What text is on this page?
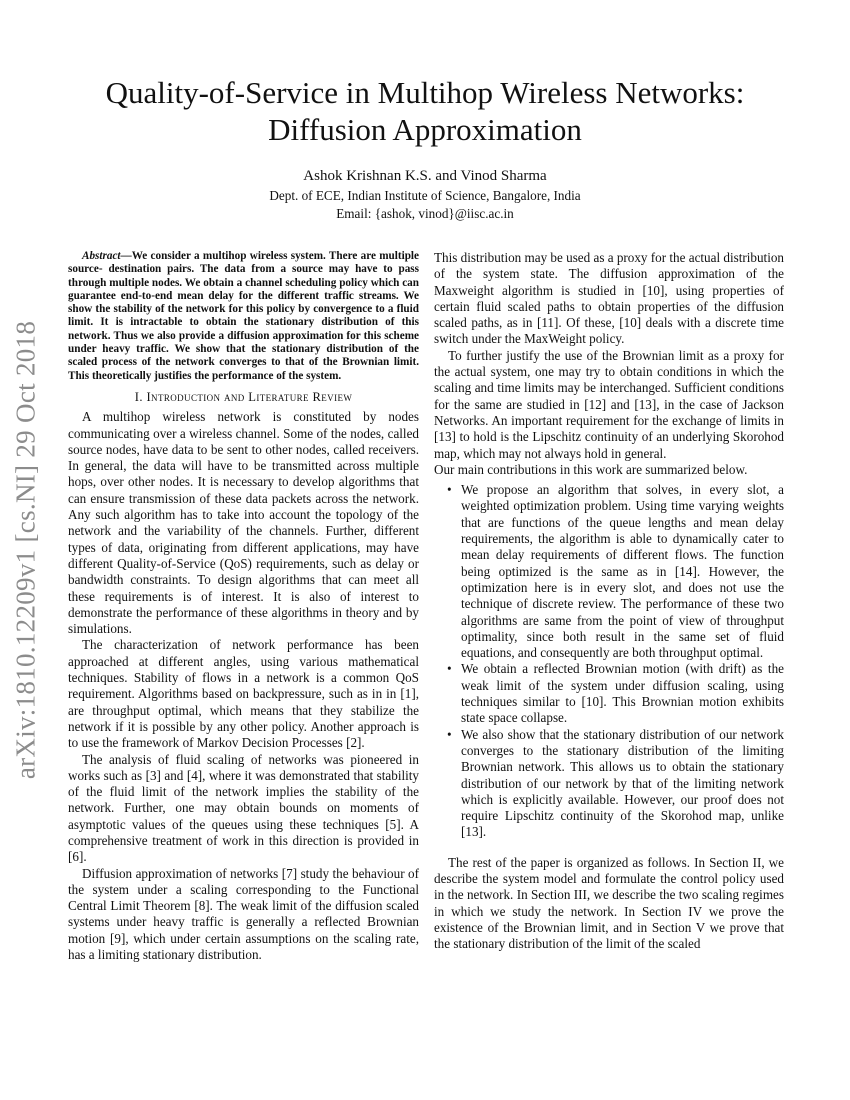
arXiv:1810.12209v1 [cs.NI] 29 Oct 2018
Quality-of-Service in Multihop Wireless Networks:
Diffusion Approximation
Ashok Krishnan K.S. and Vinod Sharma
Dept. of ECE, Indian Institute of Science, Bangalore, India
Email: {ashok, vinod}@iisc.ac.in

Abstract—We consider a multihop wireless system. There are multiple source- destination pairs. The data from a source may have to pass through multiple nodes. We obtain a channel scheduling policy which can guarantee end-to-end mean delay for the different traffic streams. We show the stability of the network for this policy by convergence to a fluid limit. It is intractable to obtain the stationary distribution of this network. Thus we also provide a diffusion approximation for this scheme under heavy traffic. We show that the stationary distribution of the scaled process of the network converges to that of the Brownian limit. This theoretically justifies the performance of the system.

I. Introduction and Literature Review

A multihop wireless network is constituted by nodes communicating over a wireless channel. Some of the nodes, called source nodes, have data to be sent to other nodes, called receivers. In general, the data will have to be transmitted across multiple hops, over other nodes. It is necessary to develop algorithms that can ensure transmission of these data packets across the network. Any such algorithm has to take into account the topology of the network and the variability of the channels. Further, different types of data, originating from different applications, may have different Quality-of-Service (QoS) requirements, such as delay or bandwidth constraints. To design algorithms that can meet all these requirements is of interest. It is also of interest to demonstrate the performance of these algorithms in theory and by simulations.

The characterization of network performance has been approached at different angles, using various mathematical techniques. Stability of flows in a network is a common QoS requirement. Algorithms based on backpressure, such as in in [1], are throughput optimal, which means that they stabilize the network if it is possible by any other policy. Another approach is to use the framework of Markov Decision Processes [2].

The analysis of fluid scaling of networks was pioneered in works such as [3] and [4], where it was demonstrated that stability of the fluid limit of the network implies the stability of the network. Further, one may obtain bounds on moments of asymptotic values of the queues using these techniques [5]. A comprehensive treatment of work in this direction is provided in [6].

Diffusion approximation of networks [7] study the behaviour of the system under a scaling corresponding to the Functional Central Limit Theorem [8]. The weak limit of the diffusion scaled systems under heavy traffic is generally a reflected Brownian motion [9], which under certain assumptions on the scaling rate, has a limiting stationary distribution.

This distribution may be used as a proxy for the actual distribution of the system state. The diffusion approximation of the Maxweight algorithm is studied in [10], using properties of certain fluid scaled paths to obtain properties of the diffusion scaled paths, as in [11]. Of these, [10] deals with a discrete time switch under the MaxWeight policy.

To further justify the use of the Brownian limit as a proxy for the actual system, one may try to obtain conditions in which the scaling and time limits may be interchanged. Sufficient conditions for the same are studied in [12] and [13], in the case of Jackson Networks. An important requirement for the exchange of limits in [13] to hold is the Lipschitz continuity of an underlying Skorohod map, which may not always hold in general.

Our main contributions in this work are summarized below.

• We propose an algorithm that solves, in every slot, a weighted optimization problem. Using time varying weights that are functions of the queue lengths and mean delay requirements, the algorithm is able to dynamically cater to mean delay requirements of different flows. The function being optimized is the same as in [14]. However, the optimization here is in every slot, and does not use the technique of discrete review. The performance of these two algorithms are same from the point of view of throughput optimality, since both result in the same set of fluid equations, and consequently are both throughput optimal.
• We obtain a reflected Brownian motion (with drift) as the weak limit of the system under diffusion scaling, using techniques similar to [10]. This Brownian motion exhibits state space collapse.
• We also show that the stationary distribution of our network converges to the stationary distribution of the limiting Brownian network. This allows us to obtain the stationary distribution of our network by that of the limiting network which is explicitly available. However, our proof does not require Lipschitz continuity of the Skorohod map, unlike [13].

The rest of the paper is organized as follows. In Section II, we describe the system model and formulate the control policy used in the network. In Section III, we describe the two scaling regimes in which we study the network. In Section IV we prove the existence of the Brownian limit, and in Section V we prove that the stationary distribution of the limit of the scaled
